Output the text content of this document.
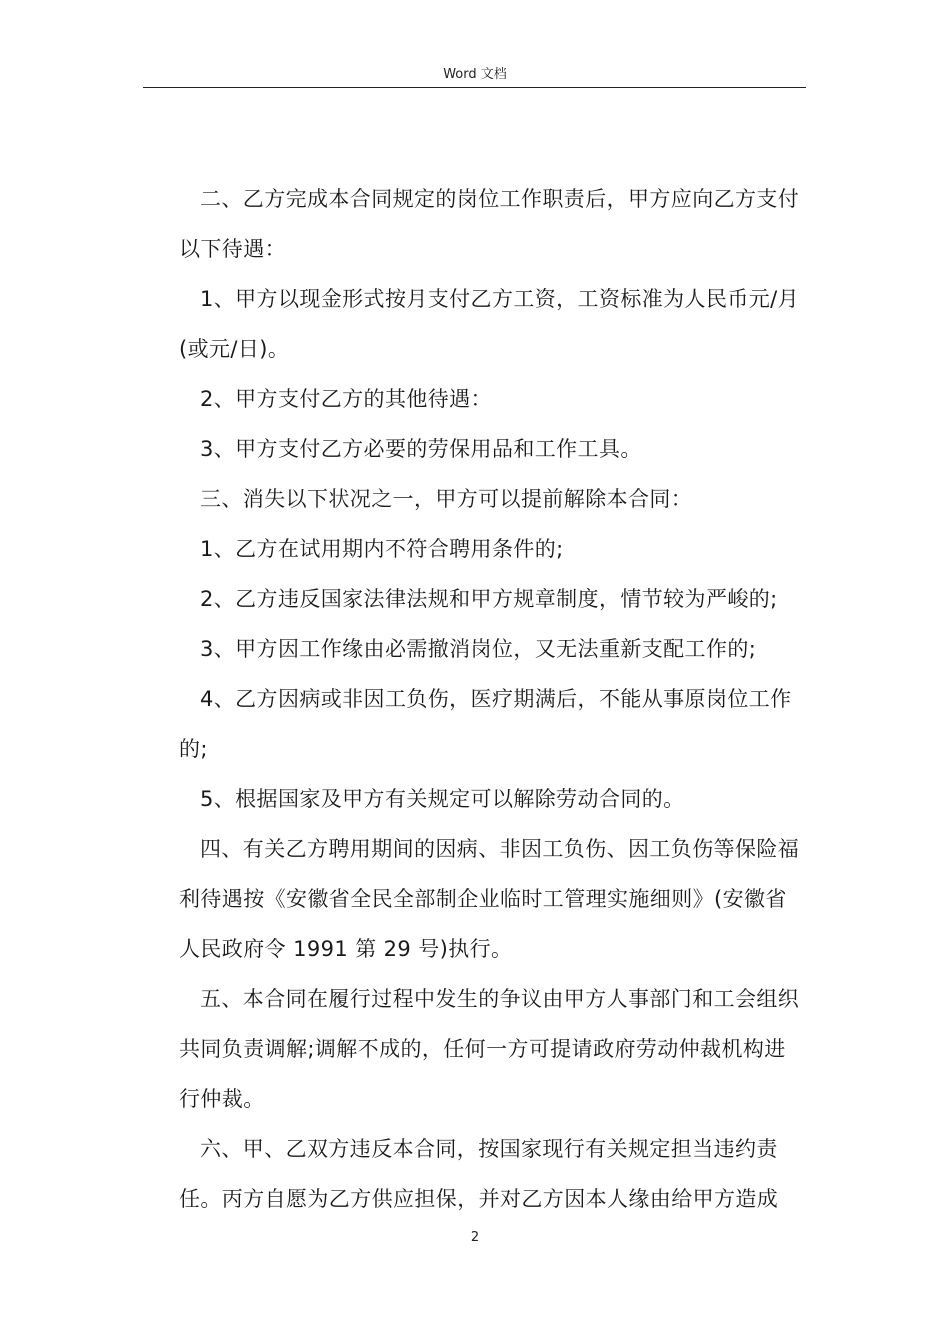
Word 文档

二、乙方完成本合同规定的岗位工作职责后，甲方应向乙方支付以下待遇：

1、甲方以现金形式按月支付乙方工资，工资标准为人民币元/月(或元/日)。

2、甲方支付乙方的其他待遇：

3、甲方支付乙方必要的劳保用品和工作工具。

三、消失以下状况之一，甲方可以提前解除本合同：

1、乙方在试用期内不符合聘用条件的;

2、乙方违反国家法律法规和甲方规章制度，情节较为严峻的;

3、甲方因工作缘由必需撤消岗位，又无法重新支配工作的;

4、乙方因病或非因工负伤，医疗期满后，不能从事原岗位工作的;

5、根据国家及甲方有关规定可以解除劳动合同的。

四、有关乙方聘用期间的因病、非因工负伤、因工负伤等保险福利待遇按《安徽省全民全部制企业临时工管理实施细则》(安徽省人民政府令 1991 第 29 号)执行。

五、本合同在履行过程中发生的争议由甲方人事部门和工会组织共同负责调解;调解不成的，任何一方可提请政府劳动仲裁机构进行仲裁。

六、甲、乙双方违反本合同，按国家现行有关规定担当违约责任。丙方自愿为乙方供应担保，并对乙方因本人缘由给甲方造成

2
